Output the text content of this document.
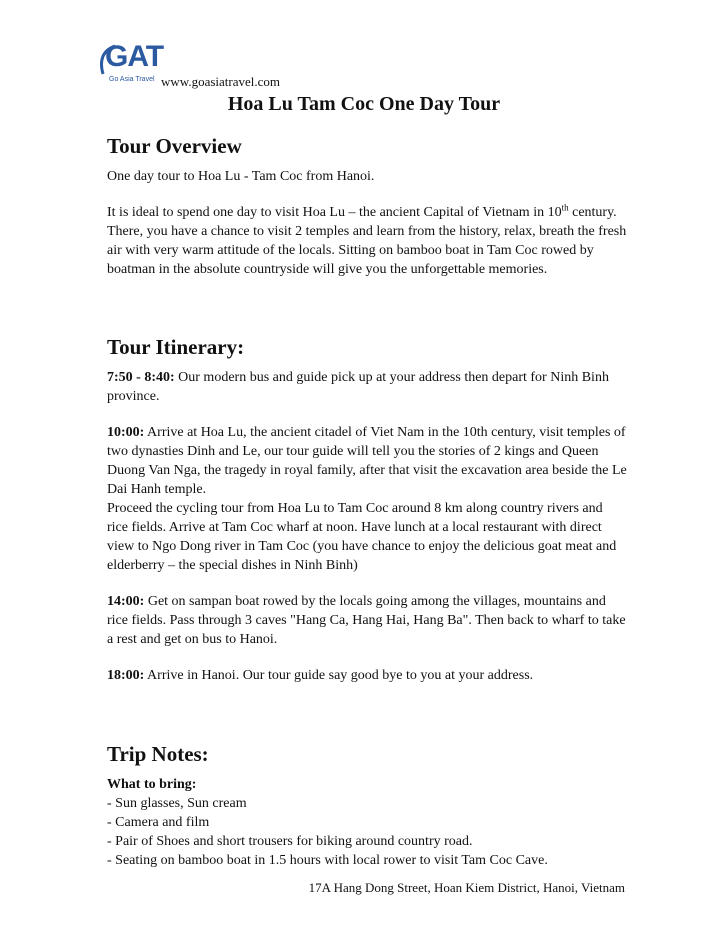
GAT
Go Asia Travel www.goasiatravel.com
Hoa Lu Tam Coc One Day Tour
Tour Overview

One day tour to Hoa Lu - Tam Coc from Hanoi.

It is ideal to spend one day to visit Hoa Lu – the ancient Capital of Vietnam in 10th century. There, you have a chance to visit 2 temples and learn from the history, relax, breath the fresh air with very warm attitude of the locals. Sitting on bamboo boat in Tam Coc rowed by boatman in the absolute countryside will give you the unforgettable memories.

Tour Itinerary:

7:50 - 8:40: Our modern bus and guide pick up at your address then depart for Ninh Binh province.

10:00: Arrive at Hoa Lu, the ancient citadel of Viet Nam in the 10th century, visit temples of two dynasties Dinh and Le, our tour guide will tell you the stories of 2 kings and Queen Duong Van Nga, the tragedy in royal family, after that visit the excavation area beside the Le Dai Hanh temple.

Proceed the cycling tour from Hoa Lu to Tam Coc around 8 km along country rivers and rice fields. Arrive at Tam Coc wharf at noon. Have lunch at a local restaurant with direct view to Ngo Dong river in Tam Coc (you have chance to enjoy the delicious goat meat and elderberry – the special dishes in Ninh Binh)

14:00: Get on sampan boat rowed by the locals going among the villages, mountains and rice fields. Pass through 3 caves "Hang Ca, Hang Hai, Hang Ba". Then back to wharf to take a rest and get on bus to Hanoi.

18:00: Arrive in Hanoi. Our tour guide say good bye to you at your address.

Trip Notes:

What to bring:

- Sun glasses, Sun cream
- Camera and film
- Pair of Shoes and short trousers for biking around country road.
- Seating on bamboo boat in 1.5 hours with local rower to visit Tam Coc Cave.
17A Hang Dong Street, Hoan Kiem District, Hanoi, Vietnam
